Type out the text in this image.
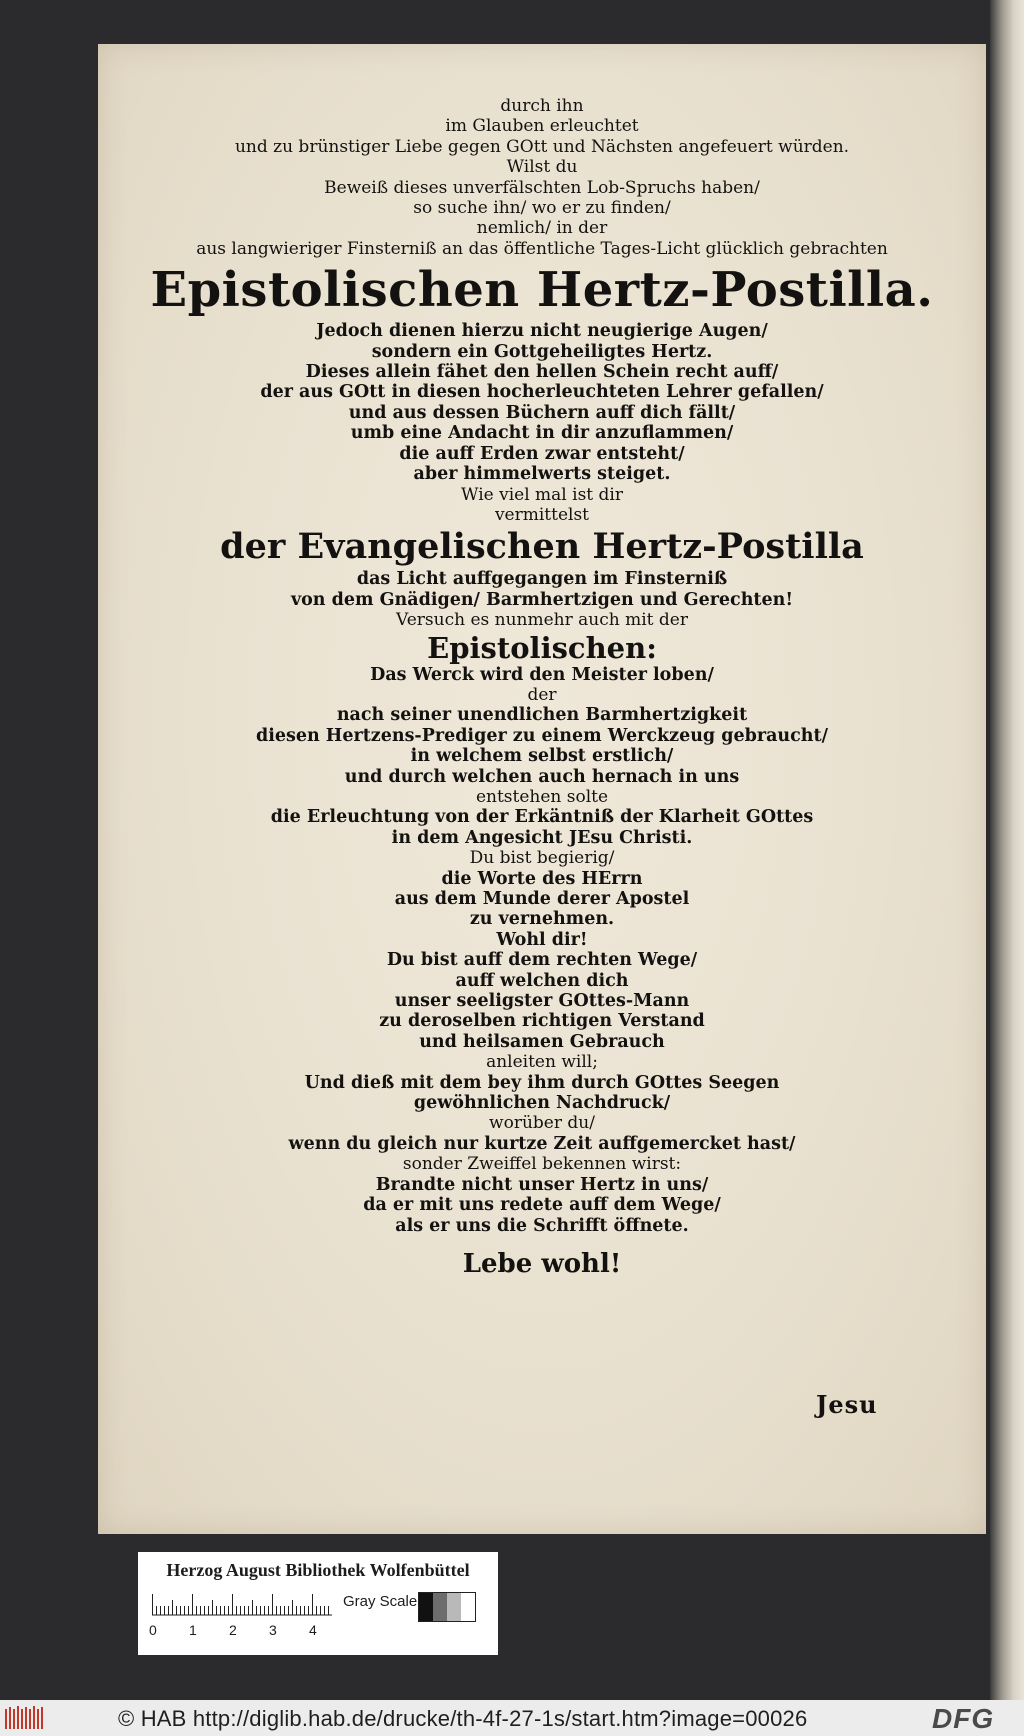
durch ihn
im Glauben erleuchtet
und zu brünstiger Liebe gegen GOtt und Nächsten angefeuert würden.
Wilst du
Beweiß dieses unverfälschten Lob-Spruchs haben/
so suche ihn/ wo er zu finden/
nemlich/ in der
aus langwieriger Finsterniß an das öffentliche Tages-Licht glücklich gebrachten
Epistolischen Hertz-Postilla.
Jedoch dienen hierzu nicht neugierige Augen/
sondern ein Gottgeheiligtes Hertz.
Dieses allein fähet den hellen Schein recht auff/
der aus GOtt in diesen hocherleuchteten Lehrer gefallen/
und aus dessen Büchern auff dich fällt/
umb eine Andacht in dir anzuflammen/
die auff Erden zwar entsteht/
aber himmelwerts steiget.
Wie viel mal ist dir
vermittelst
der Evangelischen Hertz-Postilla
das Licht auffgegangen im Finsterniß
von dem Gnädigen/ Barmhertzigen und Gerechten!
Versuch es nunmehr auch mit der
Epistolischen:
Das Werck wird den Meister loben/
der
nach seiner unendlichen Barmhertzigkeit
diesen Hertzens-Prediger zu einem Werckzeug gebraucht/
in welchem selbst erstlich/
und durch welchen auch hernach in uns
entstehen solte
die Erleuchtung von der Erkäntniß der Klarheit GOttes
in dem Angesicht JEsu Christi.
Du bist begierig/
die Worte des HErrn
aus dem Munde derer Apostel
zu vernehmen.
Wohl dir!
Du bist auff dem rechten Wege/
auff welchen dich
unser seeligster GOttes-Mann
zu deroselben richtigen Verstand
und heilsamen Gebrauch
anleiten will;
Und dieß mit dem bey ihm durch GOttes Seegen
gewöhnlichen Nachdruck/
worüber du/
wenn du gleich nur kurtze Zeit auffgemercket hast/
sonder Zweiffel bekennen wirst:
Brandte nicht unser Hertz in uns/
da er mit uns redete auff dem Wege/
als er uns die Schrifft öffnete.
Lebe wohl!
Jesu
Herzog August Bibliothek Wolfenbüttel
0 1 2 3 4
Gray Scale
© HAB http://diglib.hab.de/drucke/th-4f-27-1s/start.htm?image=00026	DFG
